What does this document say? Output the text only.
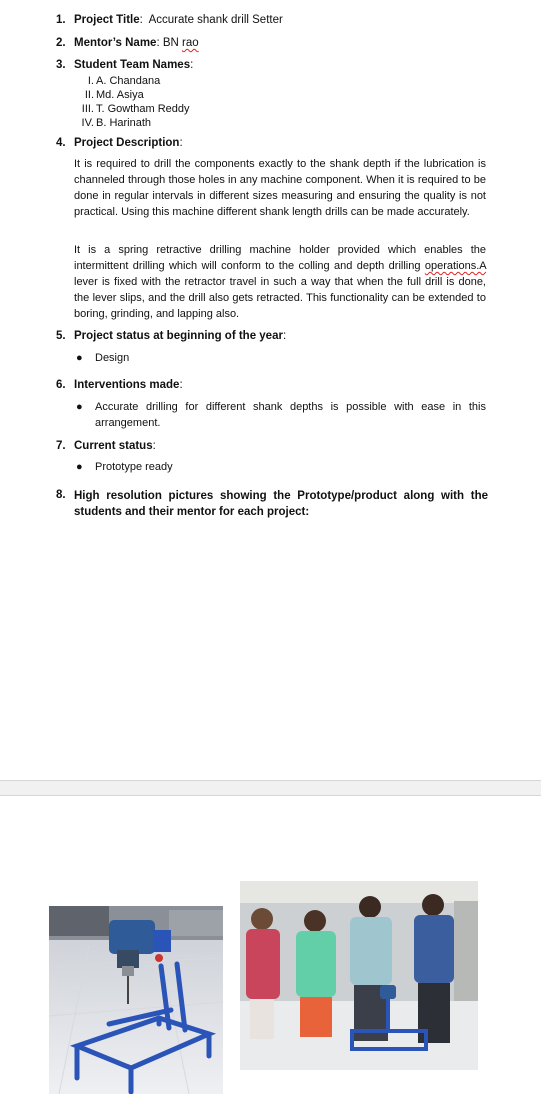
1. Project Title:  Accurate shank drill Setter
2. Mentor’s Name: BN rao
3. Student Team Names:
I. A. Chandana
II. Md. Asiya
III. T. Gowtham Reddy
IV. B. Harinath
4. Project Description:

It is required to drill the components exactly to the shank depth if the lubrication is channeled through those holes in any machine component. When it is required to be done in regular intervals in different sizes measuring and ensuring the quality is not practical. Using this machine different shank length drills can be made accurately.

It is a spring retractive drilling machine holder provided which enables the intermittent drilling which will conform to the colling and depth drilling operations.A lever is fixed with the retractor travel in such a way that when the full drill is done, the lever slips, and the drill also gets retracted. This functionality can be extended to boring, grinding, and lapping also.

5. Project status at beginning of the year:
● Design
6. Interventions made:
● Accurate drilling for different shank depths is possible with ease in this arrangement.
7. Current status:
● Prototype ready
8. High resolution pictures showing the Prototype/product along with the students and their mentor for each project:
